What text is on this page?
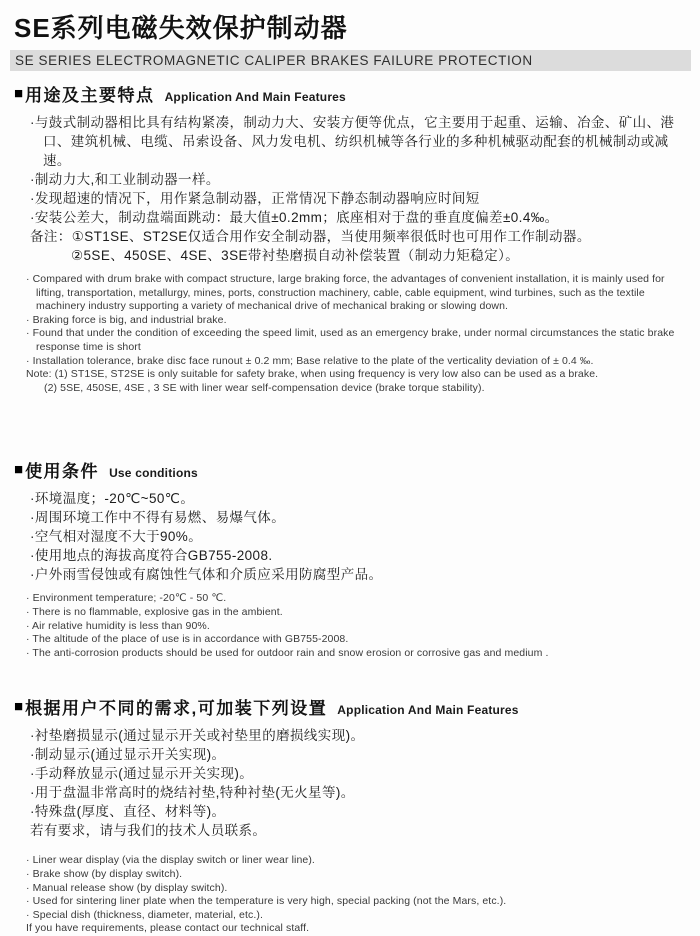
SE系列电磁失效保护制动器
SE SERIES ELECTROMAGNETIC CALIPER BRAKES FAILURE PROTECTION
■ 用途及主要特点 Application And Main Features
·与鼓式制动器相比具有结构紧凑，制动力大、安装方便等优点，它主要用于起重、运输、冶金、矿山、港口、建筑机械、电缆、吊索设备、风力发电机、纺织机械等各行业的多种机械驱动配套的机械制动或减速。
·制动力大,和工业制动器一样。
·发现超速的情况下，用作紧急制动器，正常情况下静态制动器响应时间短
·安装公差大，制动盘端面跳动：最大值±0.2mm；底座相对于盘的垂直度偏差±0.4‰。
备注：①ST1SE、ST2SE仅适合用作安全制动器，当使用频率很低时也可用作工作制动器。
②5SE、450SE、4SE、3SE带衬垫磨损自动补偿装置（制动力矩稳定）。
· Compared with drum brake with compact structure, large braking force, the advantages of convenient installation, it is mainly used for lifting, transportation, metallurgy, mines, ports, construction machinery, cable, cable equipment, wind turbines, such as the textile machinery industry supporting a variety of mechanical drive of mechanical braking or slowing down.
· Braking force is big, and industrial brake.
· Found that under the condition of exceeding the speed limit, used as an emergency brake, under normal circumstances the static brake response time is short
· Installation tolerance, brake disc face runout ± 0.2 mm; Base relative to the plate of the verticality deviation of ± 0.4 ‰.
Note: (1) ST1SE, ST2SE is only suitable for safety brake, when using frequency is very low also can be used as a brake.
(2) 5SE, 450SE, 4SE , 3 SE with liner wear self-compensation device (brake torque stability).
■ 使用条件 Use conditions
·环境温度；-20℃~50℃。
·周围环境工作中不得有易燃、易爆气体。
·空气相对湿度不大于90%。
·使用地点的海拔高度符合GB755-2008.
·户外雨雪侵蚀或有腐蚀性气体和介质应采用防腐型产品。
· Environment temperature; -20℃ - 50 ℃.
· There is no flammable, explosive gas in the ambient.
· Air relative humidity is less than 90%.
· The altitude of the place of use is in accordance with GB755-2008.
· The anti-corrosion products should be used for outdoor rain and snow erosion or corrosive gas and medium .
■ 根据用户不同的需求,可加装下列设置 Application And Main Features
·衬垫磨损显示(通过显示开关或衬垫里的磨损线实现)。
·制动显示(通过显示开关实现)。
·手动释放显示(通过显示开关实现)。
·用于盘温非常高时的烧结衬垫,特种衬垫(无火星等)。
·特殊盘(厚度、直径、材料等)。
若有要求，请与我们的技术人员联系。
· Liner wear display (via the display switch or liner wear line).
· Brake show (by display switch).
· Manual release show (by display switch).
· Used for sintering liner plate when the temperature is very high, special packing (not the Mars, etc.).
· Special dish (thickness, diameter, material, etc.).
If you have requirements, please contact our technical staff.
